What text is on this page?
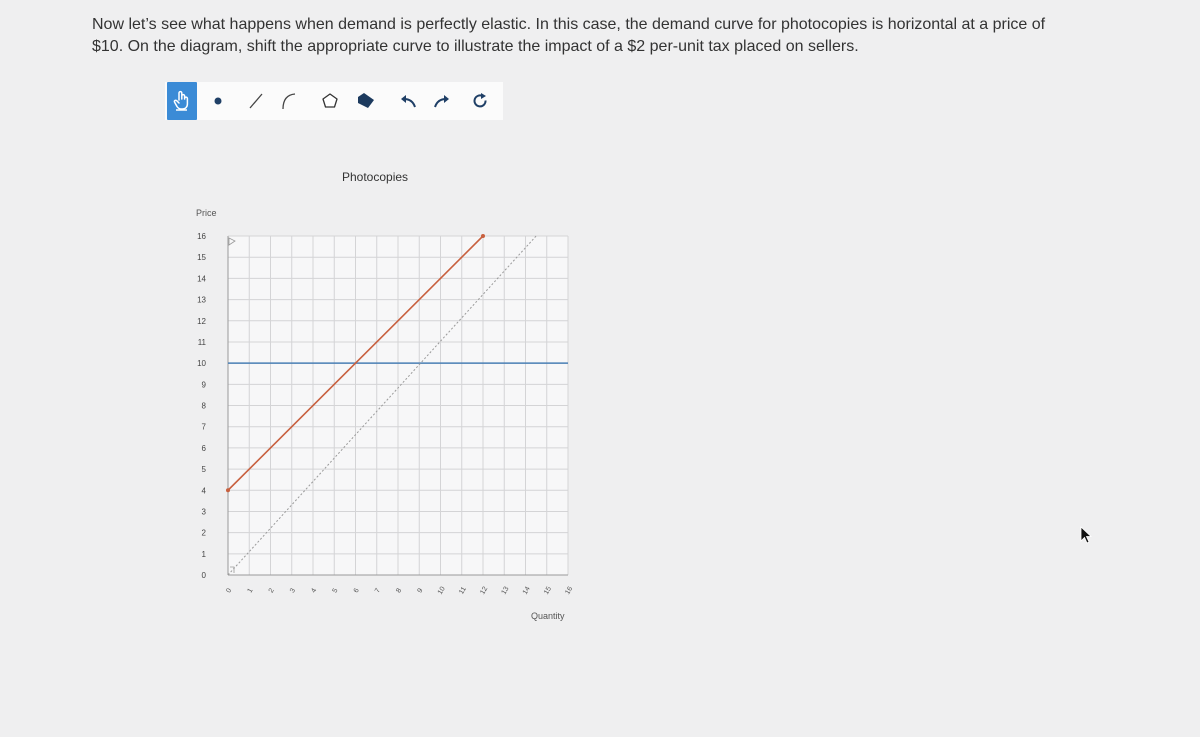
Now let’s see what happens when demand is perfectly elastic. In this case, the demand curve for photocopies is horizontal at a price of
$10. On the diagram, shift the appropriate curve to illustrate the impact of a $2 per-unit tax placed on sellers.
Photocopies
Price
Quantity
0
1
2
3
4
5
6
7
8
9
10
11
12
13
14
15
16
0 1 2 3 4 5 6 7 8 9 10 11 12 13 14 15 16
